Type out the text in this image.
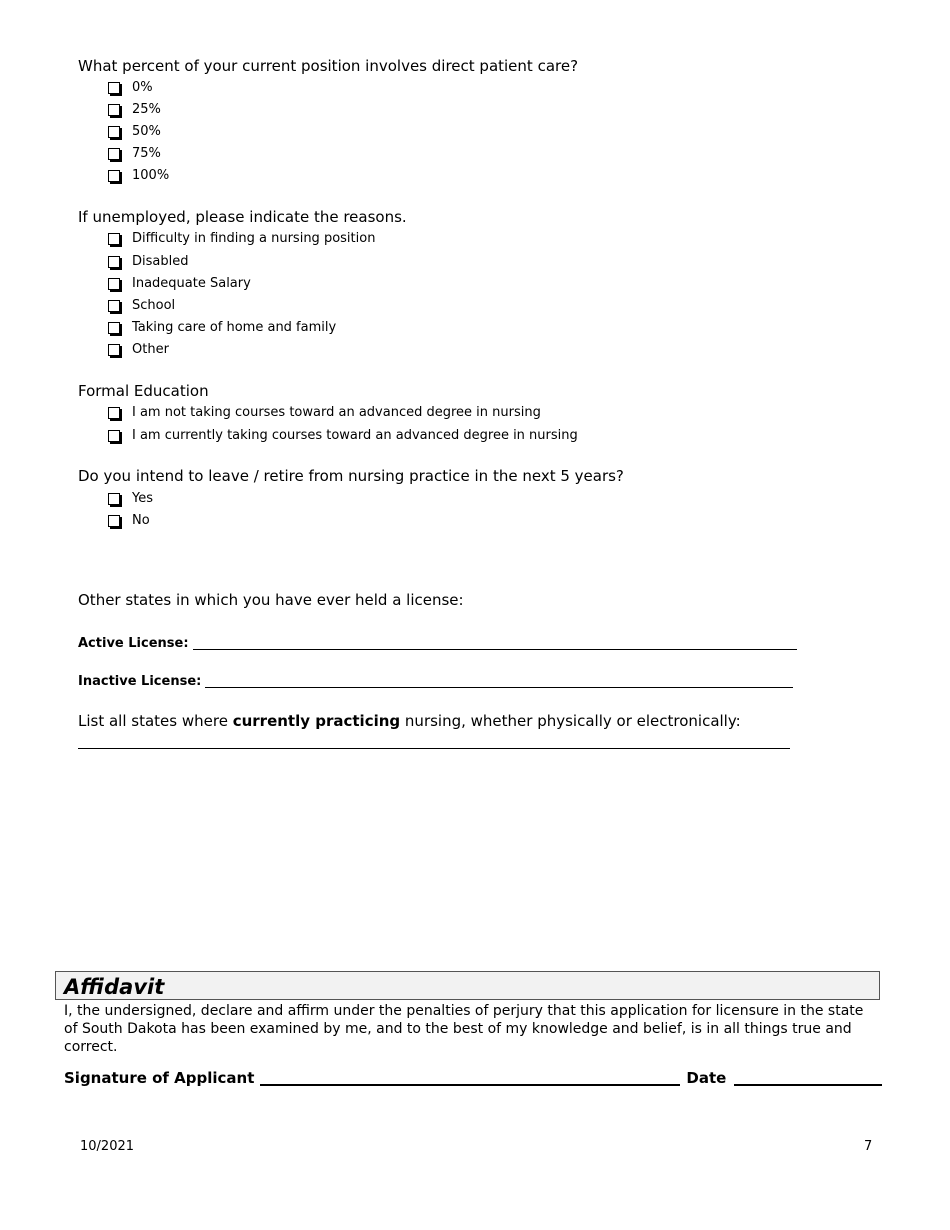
What percent of your current position involves direct patient care?
0%
25%
50%
75%
100%
If unemployed, please indicate the reasons.
Difficulty in finding a nursing position
Disabled
Inadequate Salary
School
Taking care of home and family
Other
Formal Education
I am not taking courses toward an advanced degree in nursing
I am currently taking courses toward an advanced degree in nursing
Do you intend to leave / retire from nursing practice in the next 5 years?
Yes
No
Other states in which you have ever held a license:
Active License:
Inactive License:
List all states where currently practicing nursing, whether physically or electronically:
Affidavit
I, the undersigned, declare and affirm under the penalties of perjury that this application for licensure in the state of South Dakota has been examined by me, and to the best of my knowledge and belief, is in all things true and correct.
Signature of Applicant	Date
10/2021	7
